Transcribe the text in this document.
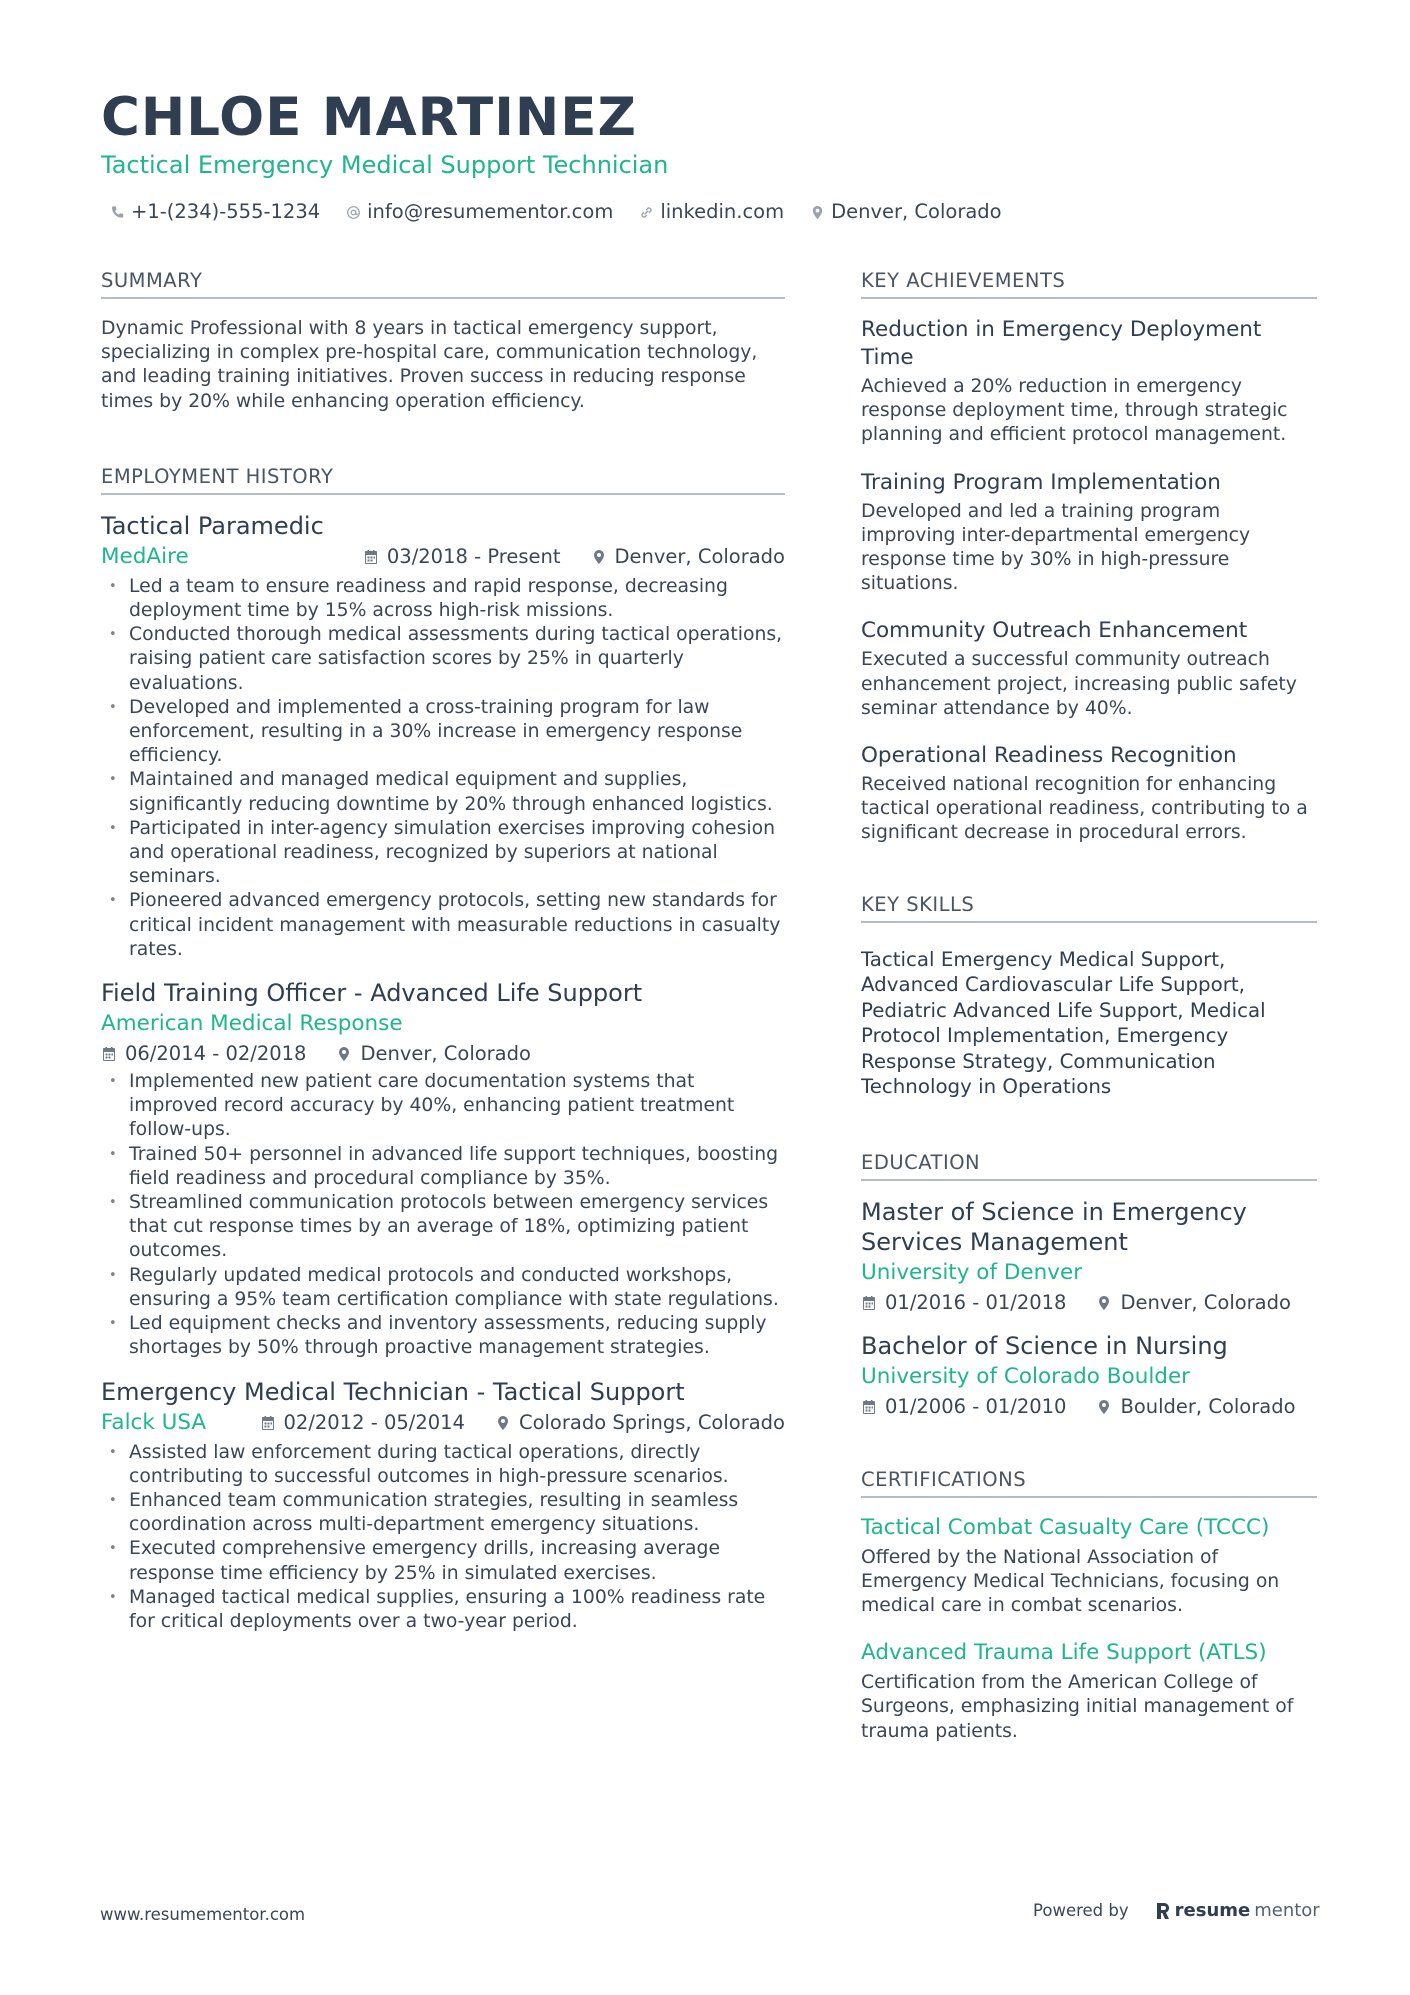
CHLOE MARTINEZ
Tactical Emergency Medical Support Technician
+1-(234)-555-1234 info@resumementor.com linkedin.com Denver, Colorado
SUMMARY
Dynamic Professional with 8 years in tactical emergency support, specializing in complex pre-hospital care, communication technology, and leading training initiatives. Proven success in reducing response times by 20% while enhancing operation efficiency.
EMPLOYMENT HISTORY
Tactical Paramedic
MedAire	03/2018 - Present	Denver, Colorado
• Led a team to ensure readiness and rapid response, decreasing deployment time by 15% across high-risk missions.
• Conducted thorough medical assessments during tactical operations, raising patient care satisfaction scores by 25% in quarterly evaluations.
• Developed and implemented a cross-training program for law enforcement, resulting in a 30% increase in emergency response efficiency.
• Maintained and managed medical equipment and supplies, significantly reducing downtime by 20% through enhanced logistics.
• Participated in inter-agency simulation exercises improving cohesion and operational readiness, recognized by superiors at national seminars.
• Pioneered advanced emergency protocols, setting new standards for critical incident management with measurable reductions in casualty rates.
Field Training Officer - Advanced Life Support
American Medical Response
06/2014 - 02/2018	Denver, Colorado
• Implemented new patient care documentation systems that improved record accuracy by 40%, enhancing patient treatment follow-ups.
• Trained 50+ personnel in advanced life support techniques, boosting field readiness and procedural compliance by 35%.
• Streamlined communication protocols between emergency services that cut response times by an average of 18%, optimizing patient outcomes.
• Regularly updated medical protocols and conducted workshops, ensuring a 95% team certification compliance with state regulations.
• Led equipment checks and inventory assessments, reducing supply shortages by 50% through proactive management strategies.
Emergency Medical Technician - Tactical Support
Falck USA	02/2012 - 05/2014	Colorado Springs, Colorado
• Assisted law enforcement during tactical operations, directly contributing to successful outcomes in high-pressure scenarios.
• Enhanced team communication strategies, resulting in seamless coordination across multi-department emergency situations.
• Executed comprehensive emergency drills, increasing average response time efficiency by 25% in simulated exercises.
• Managed tactical medical supplies, ensuring a 100% readiness rate for critical deployments over a two-year period.
KEY ACHIEVEMENTS
Reduction in Emergency Deployment Time
Achieved a 20% reduction in emergency response deployment time, through strategic planning and efficient protocol management.
Training Program Implementation
Developed and led a training program improving inter-departmental emergency response time by 30% in high-pressure situations.
Community Outreach Enhancement
Executed a successful community outreach enhancement project, increasing public safety seminar attendance by 40%.
Operational Readiness Recognition
Received national recognition for enhancing tactical operational readiness, contributing to a significant decrease in procedural errors.
KEY SKILLS
Tactical Emergency Medical Support, Advanced Cardiovascular Life Support, Pediatric Advanced Life Support, Medical Protocol Implementation, Emergency Response Strategy, Communication Technology in Operations
EDUCATION
Master of Science in Emergency Services Management
University of Denver
01/2016 - 01/2018	Denver, Colorado
Bachelor of Science in Nursing
University of Colorado Boulder
01/2006 - 01/2010	Boulder, Colorado
CERTIFICATIONS
Tactical Combat Casualty Care (TCCC)
Offered by the National Association of Emergency Medical Technicians, focusing on medical care in combat scenarios.
Advanced Trauma Life Support (ATLS)
Certification from the American College of Surgeons, emphasizing initial management of trauma patients.
www.resumementor.com	Powered by	resume mentor
